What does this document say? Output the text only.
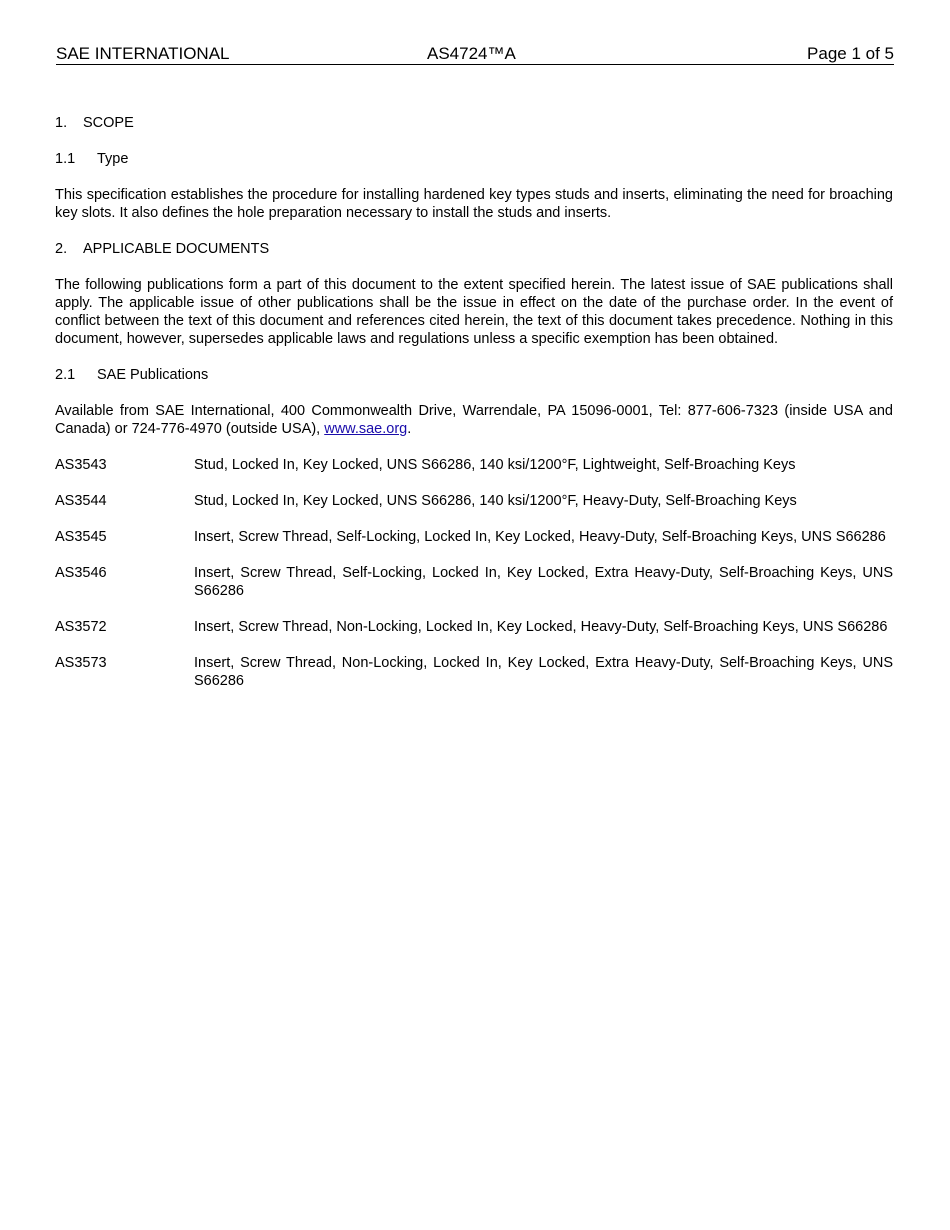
SAE INTERNATIONAL	AS4724™A	Page 1 of 5
1. SCOPE
1.1 Type

This specification establishes the procedure for installing hardened key types studs and inserts, eliminating the need for broaching key slots. It also defines the hole preparation necessary to install the studs and inserts.

2. APPLICABLE DOCUMENTS

The following publications form a part of this document to the extent specified herein. The latest issue of SAE publications shall apply. The applicable issue of other publications shall be the issue in effect on the date of the purchase order. In the event of conflict between the text of this document and references cited herein, the text of this document takes precedence. Nothing in this document, however, supersedes applicable laws and regulations unless a specific exemption has been obtained.

2.1 SAE Publications

Available from SAE International, 400 Commonwealth Drive, Warrendale, PA 15096-0001, Tel: 877-606-7323 (inside USA and Canada) or 724-776-4970 (outside USA), www.sae.org.

AS3543	Stud, Locked In, Key Locked, UNS S66286, 140 ksi/1200°F, Lightweight, Self-Broaching Keys
AS3544	Stud, Locked In, Key Locked, UNS S66286, 140 ksi/1200°F, Heavy-Duty, Self-Broaching Keys
AS3545	Insert, Screw Thread, Self-Locking, Locked In, Key Locked, Heavy-Duty, Self-Broaching Keys, UNS S66286
AS3546	Insert, Screw Thread, Self-Locking, Locked In, Key Locked, Extra Heavy-Duty, Self-Broaching Keys, UNS S66286
AS3572	Insert, Screw Thread, Non-Locking, Locked In, Key Locked, Heavy-Duty, Self-Broaching Keys, UNS S66286
AS3573	Insert, Screw Thread, Non-Locking, Locked In, Key Locked, Extra Heavy-Duty, Self-Broaching Keys, UNS S66286
